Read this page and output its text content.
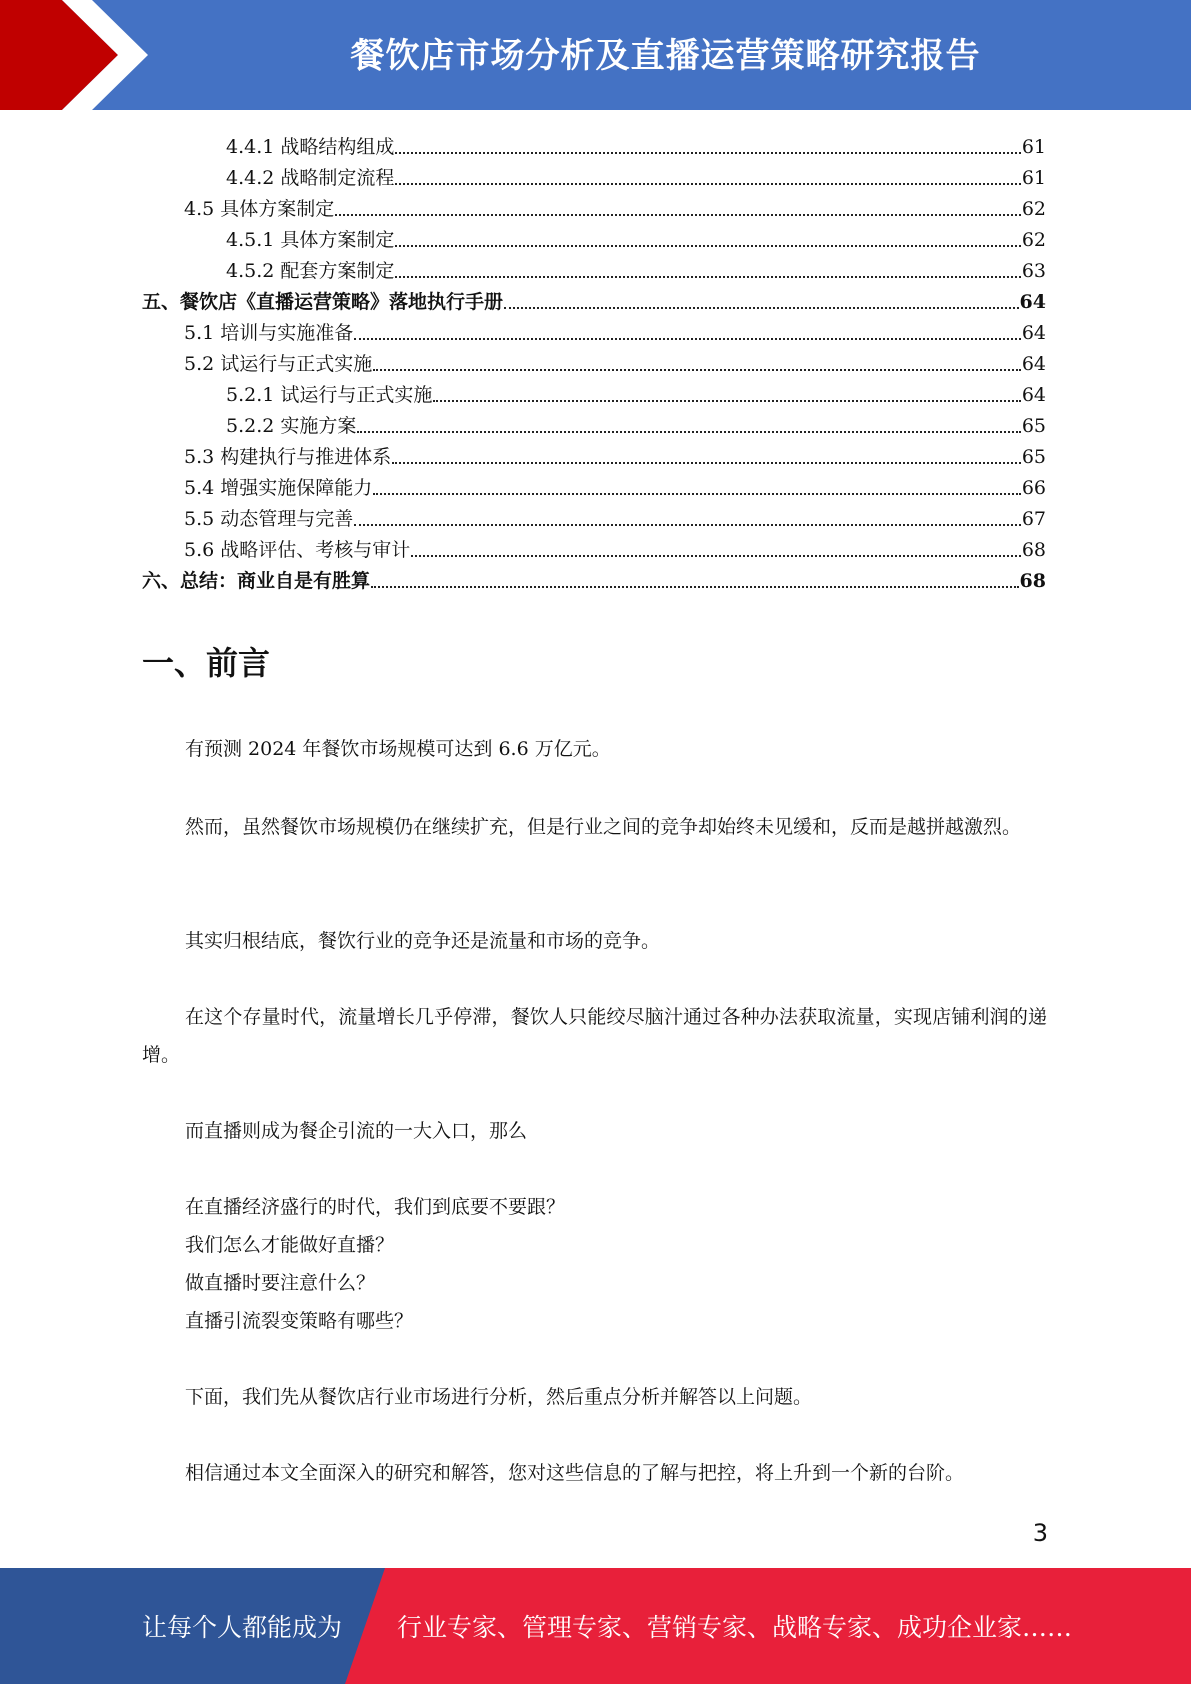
餐饮店市场分析及直播运营策略研究报告
4.4.1 战略结构组成	61
4.4.2 战略制定流程	61
4.5 具体方案制定	62
4.5.1 具体方案制定	62
4.5.2 配套方案制定	63
五、餐饮店《直播运营策略》落地执行手册	64
5.1 培训与实施准备	64
5.2 试运行与正式实施	64
5.2.1 试运行与正式实施	64
5.2.2 实施方案	65
5.3 构建执行与推进体系	65
5.4 增强实施保障能力	66
5.5 动态管理与完善	67
5.6 战略评估、考核与审计	68
六、总结：商业自是有胜算	68
一、前言

有预测 2024 年餐饮市场规模可达到 6.6 万亿元。

然而，虽然餐饮市场规模仍在继续扩充，但是行业之间的竞争却始终未见缓和，反而是越拼越激烈。

其实归根结底，餐饮行业的竞争还是流量和市场的竞争。

在这个存量时代，流量增长几乎停滞，餐饮人只能绞尽脑汁通过各种办法获取流量，实现店铺利润的递增。

而直播则成为餐企引流的一大入口，那么

在直播经济盛行的时代，我们到底要不要跟？

我们怎么才能做好直播？

做直播时要注意什么？

直播引流裂变策略有哪些？

下面，我们先从餐饮店行业市场进行分析，然后重点分析并解答以上问题。

相信通过本文全面深入的研究和解答，您对这些信息的了解与把控，将上升到一个新的台阶。

3
让每个人都能成为 行业专家、管理专家、营销专家、战略专家、成功企业家……
